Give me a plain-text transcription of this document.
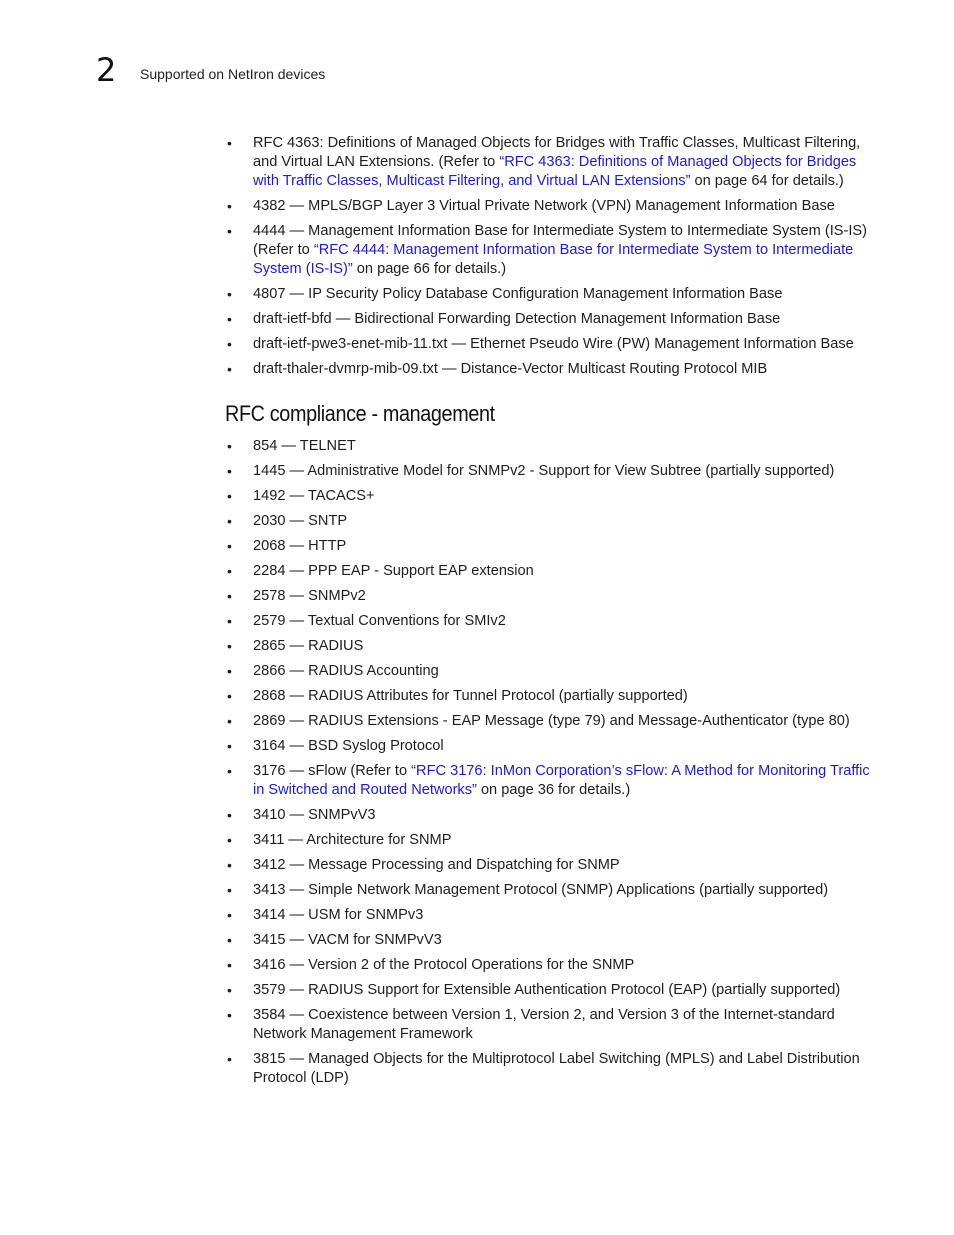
2 Supported on NetIron devices
• RFC 4363: Definitions of Managed Objects for Bridges with Traffic Classes, Multicast Filtering, and Virtual LAN Extensions. (Refer to “RFC 4363: Definitions of Managed Objects for Bridges with Traffic Classes, Multicast Filtering, and Virtual LAN Extensions” on page 64 for details.)
• 4382 — MPLS/BGP Layer 3 Virtual Private Network (VPN) Management Information Base
• 4444 — Management Information Base for Intermediate System to Intermediate System (IS-IS) (Refer to “RFC 4444: Management Information Base for Intermediate System to Intermediate System (IS-IS)” on page 66 for details.)
• 4807 — IP Security Policy Database Configuration Management Information Base
• draft-ietf-bfd — Bidirectional Forwarding Detection Management Information Base
• draft-ietf-pwe3-enet-mib-11.txt — Ethernet Pseudo Wire (PW) Management Information Base
• draft-thaler-dvmrp-mib-09.txt — Distance-Vector Multicast Routing Protocol MIB
RFC compliance - management
• 854 — TELNET
• 1445 — Administrative Model for SNMPv2 - Support for View Subtree (partially supported)
• 1492 — TACACS+
• 2030 — SNTP
• 2068 — HTTP
• 2284 — PPP EAP - Support EAP extension
• 2578 — SNMPv2
• 2579 — Textual Conventions for SMIv2
• 2865 — RADIUS
• 2866 — RADIUS Accounting
• 2868 — RADIUS Attributes for Tunnel Protocol (partially supported)
• 2869 — RADIUS Extensions - EAP Message (type 79) and Message-Authenticator (type 80)
• 3164 — BSD Syslog Protocol
• 3176 — sFlow (Refer to “RFC 3176: InMon Corporation’s sFlow: A Method for Monitoring Traffic in Switched and Routed Networks” on page 36 for details.)
• 3410 — SNMPvV3
• 3411 — Architecture for SNMP
• 3412 — Message Processing and Dispatching for SNMP
• 3413 — Simple Network Management Protocol (SNMP) Applications (partially supported)
• 3414 — USM for SNMPv3
• 3415 — VACM for SNMPvV3
• 3416 — Version 2 of the Protocol Operations for the SNMP
• 3579 — RADIUS Support for Extensible Authentication Protocol (EAP) (partially supported)
• 3584 — Coexistence between Version 1, Version 2, and Version 3 of the Internet-standard Network Management Framework
• 3815 — Managed Objects for the Multiprotocol Label Switching (MPLS) and Label Distribution Protocol (LDP)
